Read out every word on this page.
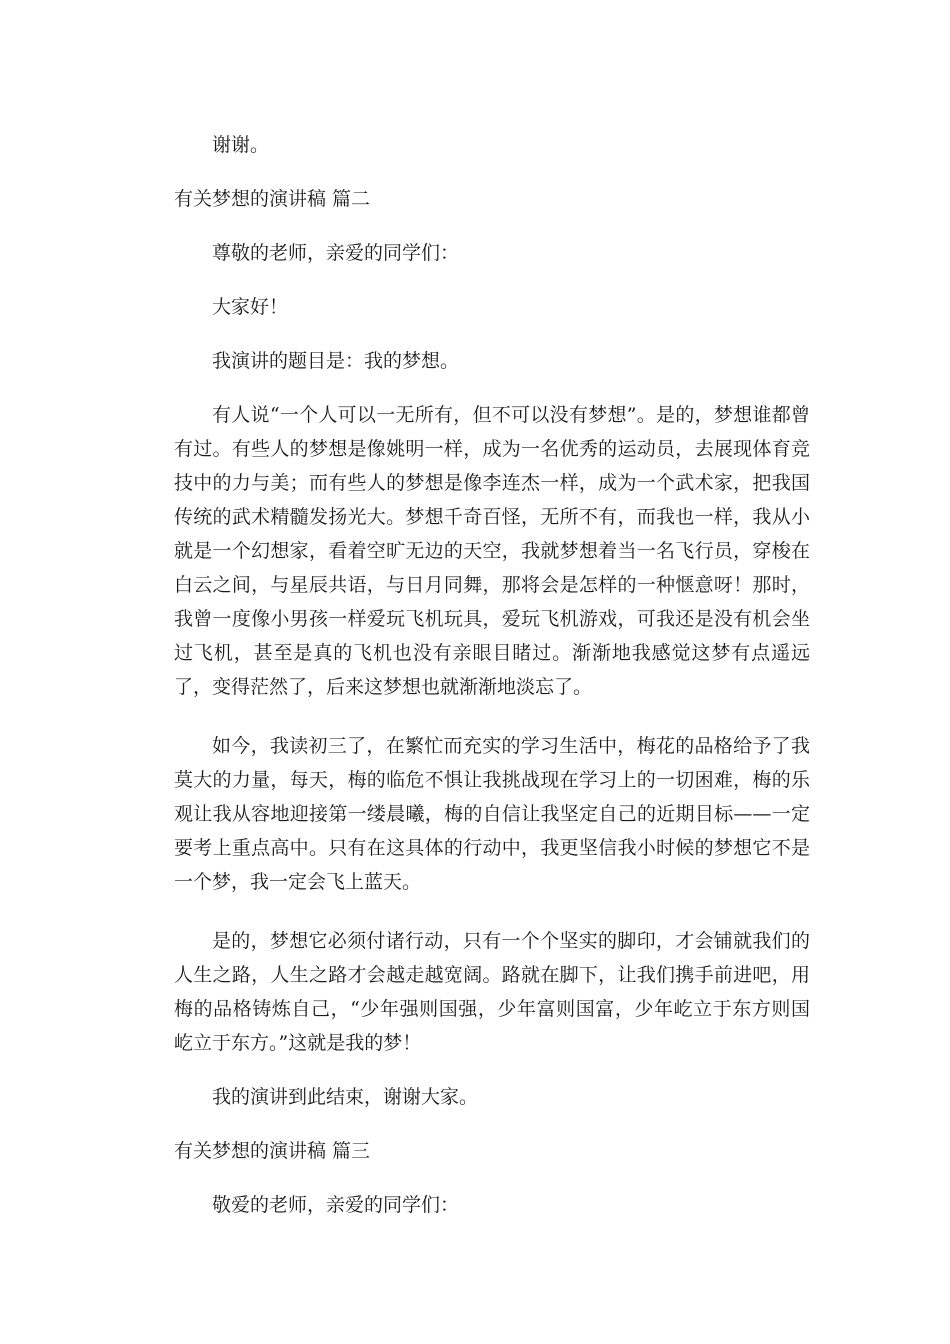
谢谢。

有关梦想的演讲稿 篇二

尊敬的老师，亲爱的同学们：

大家好！

我演讲的题目是：我的梦想。

有人说“一个人可以一无所有，但不可以没有梦想”。是的，梦想谁都曾有过。有些人的梦想是像姚明一样，成为一名优秀的运动员，去展现体育竞技中的力与美；而有些人的梦想是像李连杰一样，成为一个武术家，把我国传统的武术精髓发扬光大。梦想千奇百怪，无所不有，而我也一样，我从小就是一个幻想家，看着空旷无边的天空，我就梦想着当一名飞行员，穿梭在白云之间，与星辰共语，与日月同舞，那将会是怎样的一种惬意呀！那时，我曾一度像小男孩一样爱玩飞机玩具，爱玩飞机游戏，可我还是没有机会坐过飞机，甚至是真的飞机也没有亲眼目睹过。渐渐地我感觉这梦有点遥远了，变得茫然了，后来这梦想也就渐渐地淡忘了。

如今，我读初三了，在繁忙而充实的学习生活中，梅花的品格给予了我莫大的力量，每天，梅的临危不惧让我挑战现在学习上的一切困难，梅的乐观让我从容地迎接第一缕晨曦，梅的自信让我坚定自己的近期目标——一定要考上重点高中。只有在这具体的行动中，我更坚信我小时候的梦想它不是一个梦，我一定会飞上蓝天。

是的，梦想它必须付诸行动，只有一个个坚实的脚印，才会铺就我们的人生之路，人生之路才会越走越宽阔。路就在脚下，让我们携手前进吧，用梅的品格铸炼自己，“少年强则国强，少年富则国富，少年屹立于东方则国屹立于东方。”这就是我的梦！

我的演讲到此结束，谢谢大家。

有关梦想的演讲稿 篇三

敬爱的老师，亲爱的同学们：
